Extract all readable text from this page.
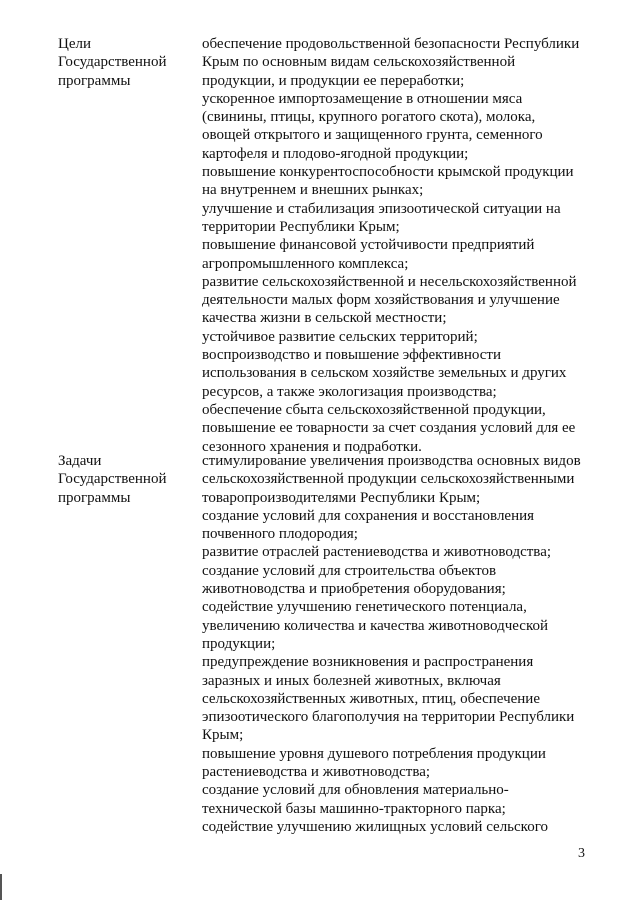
Цели
Государственной
программы
обеспечение продовольственной безопасности Республики
Крым по основным видам сельскохозяйственной
продукции, и продукции ее переработки;
ускоренное импортозамещение в отношении мяса
(свинины, птицы, крупного рогатого скота), молока,
овощей открытого и защищенного грунта, семенного
картофеля и плодово-ягодной продукции;
повышение конкурентоспособности крымской продукции
на внутреннем и внешних рынках;
улучшение и стабилизация эпизоотической ситуации на
территории Республики Крым;
повышение финансовой устойчивости предприятий
агропромышленного комплекса;
развитие сельскохозяйственной и несельскохозяйственной
деятельности малых форм хозяйствования и улучшение
качества жизни в сельской местности;
устойчивое развитие сельских территорий;
воспроизводство и повышение эффективности
использования в сельском хозяйстве земельных и других
ресурсов, а также экологизация производства;
обеспечение сбыта сельскохозяйственной продукции,
повышение ее товарности за счет создания условий для ее
сезонного хранения и подработки.
Задачи
Государственной
программы
стимулирование увеличения производства основных видов
сельскохозяйственной продукции сельскохозяйственными
товаропроизводителями Республики Крым;
создание условий для сохранения и восстановления
почвенного плодородия;
развитие отраслей растениеводства и животноводства;
создание условий для строительства объектов
животноводства и приобретения оборудования;
содействие улучшению генетического потенциала,
увеличению количества и качества животноводческой
продукции;
предупреждение возникновения и распространения
заразных и иных болезней животных, включая
сельскохозяйственных животных, птиц, обеспечение
эпизоотического благополучия на территории Республики
Крым;
повышение уровня душевого потребления продукции
растениеводства и животноводства;
создание условий для обновления материально-
технической базы машинно-тракторного парка;
содействие улучшению жилищных условий сельского
3
